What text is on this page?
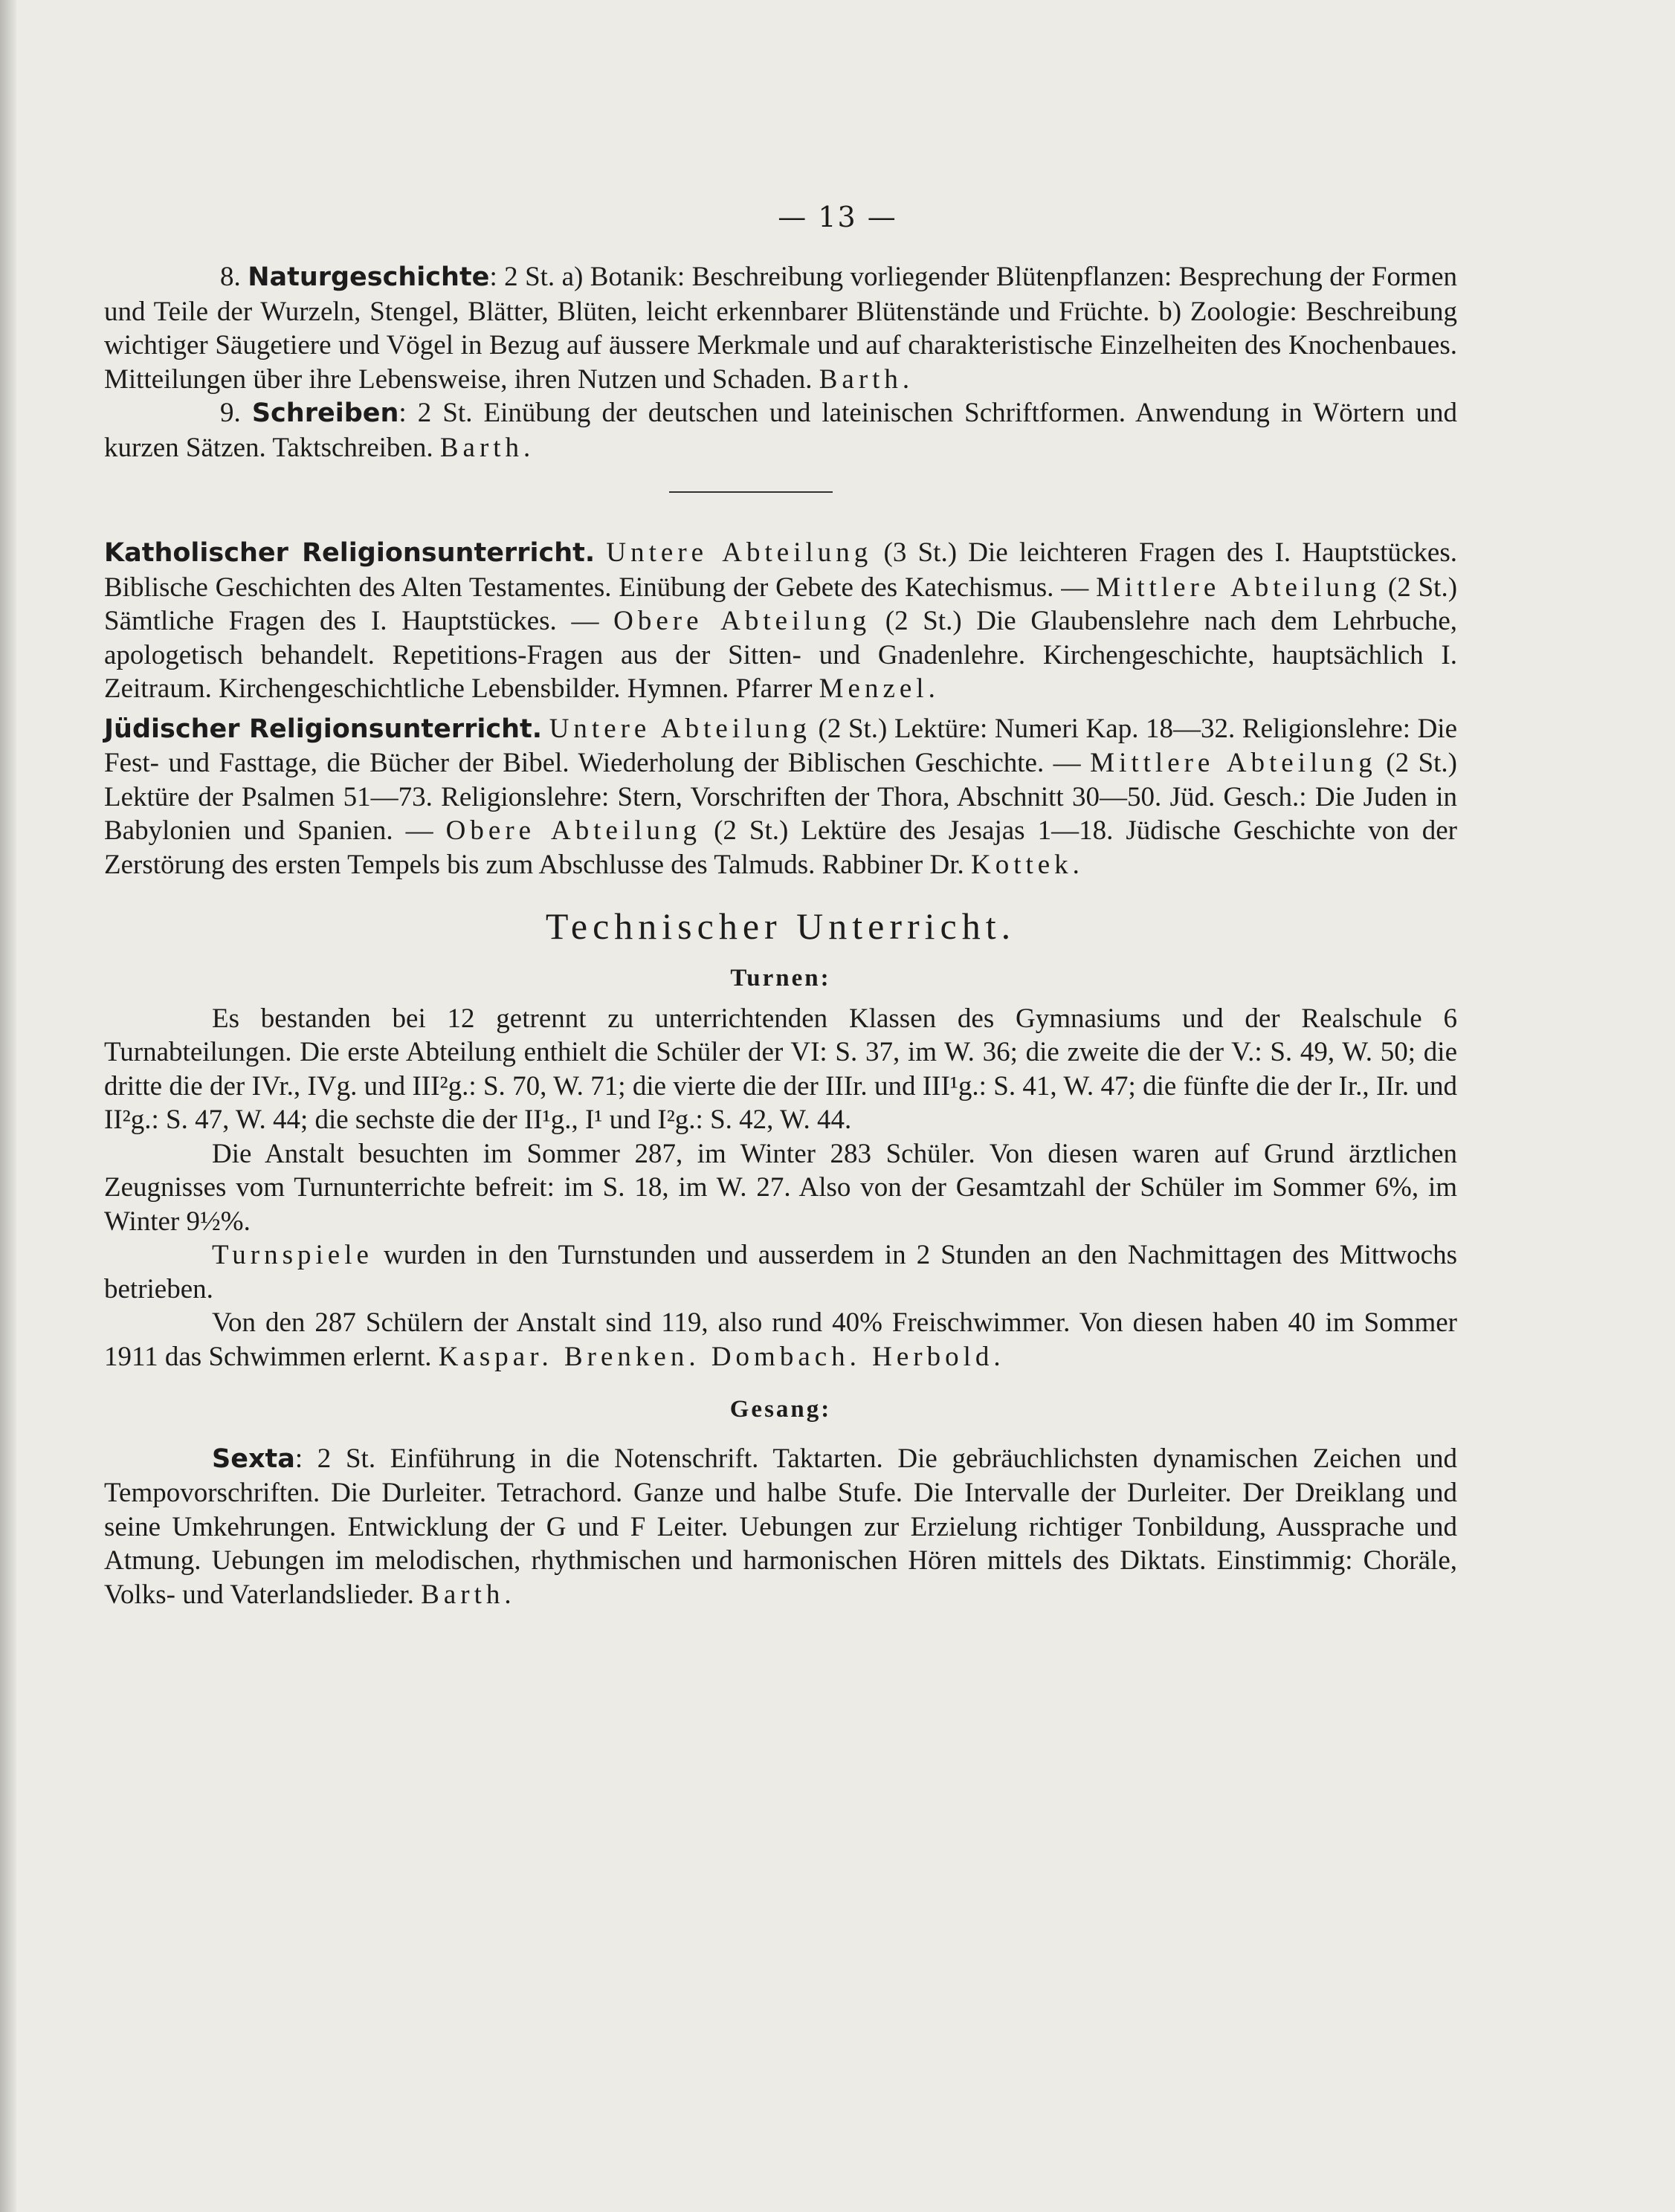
— 13 —

8. Naturgeschichte: 2 St. a) Botanik: Beschreibung vorliegender Blütenpflanzen: Besprechung der Formen und Teile der Wurzeln, Stengel, Blätter, Blüten, leicht erkennbarer Blütenstände und Früchte. b) Zoologie: Beschreibung wichtiger Säugetiere und Vögel in Bezug auf äussere Merkmale und auf charakteristische Einzelheiten des Knochenbaues. Mitteilungen über ihre Lebensweise, ihren Nutzen und Schaden. Barth.

9. Schreiben: 2 St. Einübung der deutschen und lateinischen Schriftformen. Anwendung in Wörtern und kurzen Sätzen. Taktschreiben. Barth.

Katholischer Religionsunterricht. Untere Abteilung (3 St.) Die leichteren Fragen des I. Hauptstückes. Biblische Geschichten des Alten Testamentes. Einübung der Gebete des Katechismus. — Mittlere Abteilung (2 St.) Sämtliche Fragen des I. Hauptstückes. — Obere Abteilung (2 St.) Die Glaubenslehre nach dem Lehrbuche, apologetisch behandelt. Repetitions-Fragen aus der Sitten- und Gnadenlehre. Kirchengeschichte, hauptsächlich I. Zeitraum. Kirchengeschichtliche Lebensbilder. Hymnen. Pfarrer Menzel.

Jüdischer Religionsunterricht. Untere Abteilung (2 St.) Lektüre: Numeri Kap. 18—32. Religionslehre: Die Fest- und Fasttage, die Bücher der Bibel. Wiederholung der Biblischen Geschichte. — Mittlere Abteilung (2 St.) Lektüre der Psalmen 51—73. Religionslehre: Stern, Vorschriften der Thora, Abschnitt 30—50. Jüd. Gesch.: Die Juden in Babylonien und Spanien. — Obere Abteilung (2 St.) Lektüre des Jesajas 1—18. Jüdische Geschichte von der Zerstörung des ersten Tempels bis zum Abschlusse des Talmuds. Rabbiner Dr. Kottek.

Technischer Unterricht.
Turnen:

Es bestanden bei 12 getrennt zu unterrichtenden Klassen des Gymnasiums und der Realschule 6 Turnabteilungen. Die erste Abteilung enthielt die Schüler der VI: S. 37, im W. 36; die zweite die der V.: S. 49, W. 50; die dritte die der IVr., IVg. und III²g.: S. 70, W. 71; die vierte die der IIIr. und III¹g.: S. 41, W. 47; die fünfte die der Ir., IIr. und II²g.: S. 47, W. 44; die sechste die der II¹g., I¹ und I²g.: S. 42, W. 44.

Die Anstalt besuchten im Sommer 287, im Winter 283 Schüler. Von diesen waren auf Grund ärztlichen Zeugnisses vom Turnunterrichte befreit: im S. 18, im W. 27. Also von der Gesamtzahl der Schüler im Sommer 6%, im Winter 9½%.

Turnspiele wurden in den Turnstunden und ausserdem in 2 Stunden an den Nachmittagen des Mittwochs betrieben.

Von den 287 Schülern der Anstalt sind 119, also rund 40% Freischwimmer. Von diesen haben 40 im Sommer 1911 das Schwimmen erlernt. Kaspar. Brenken. Dombach. Herbold.

Gesang:

Sexta: 2 St. Einführung in die Notenschrift. Taktarten. Die gebräuchlichsten dynamischen Zeichen und Tempovorschriften. Die Durleiter. Tetrachord. Ganze und halbe Stufe. Die Intervalle der Durleiter. Der Dreiklang und seine Umkehrungen. Entwicklung der G und F Leiter. Uebungen zur Erzielung richtiger Tonbildung, Aussprache und Atmung. Uebungen im melodischen, rhythmischen und harmonischen Hören mittels des Diktats. Einstimmig: Choräle, Volks- und Vaterlandslieder. Barth.
